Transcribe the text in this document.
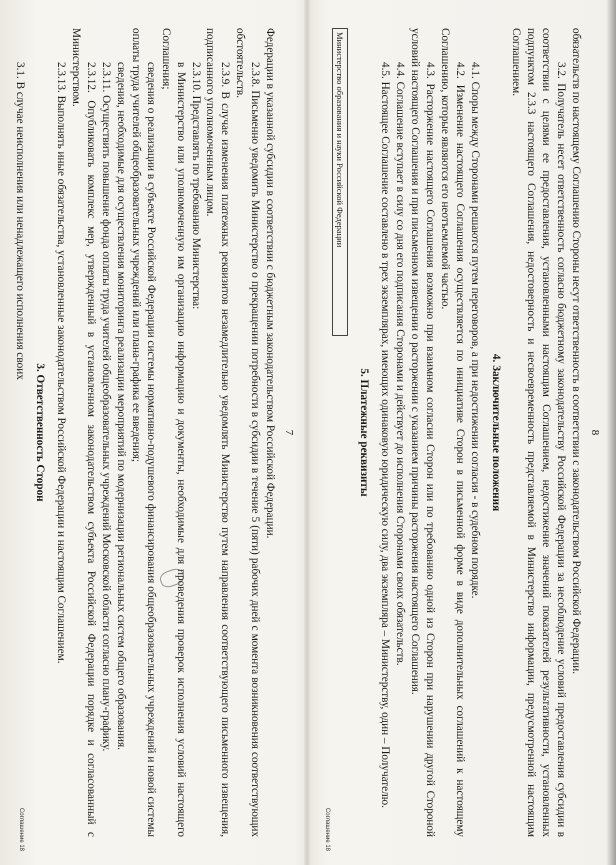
7

Федерации в указанной субсидии в соответствии с бюджетным законодательством Российской Федерации.

2.3.8. Письменно уведомить Министерство о прекращении потребности в субсидии в течение 5 (пяти) рабочих дней с момента возникновения соответствующих обстоятельств.

2.3.9. В случае изменения платежных реквизитов незамедлительно уведомлять Министерство путем направления соответствующего письменного извещения, подписанного уполномоченным лицом.

2.3.10. Представлять по требованию Министерства:

в Министерство или уполномоченную им организацию информацию и документы, необходимые для проведения проверок исполнения условий настоящего Соглашения;

сведения о реализации в субъекте Российской Федерации системы нормативно-подушевого финансирования общеобразовательных учреждений и новой системы оплаты труда учителей общеобразовательных учреждений или плана-графика ее введения;

сведения, необходимые для осуществления мониторинга реализации мероприятий по модернизации региональных систем общего образования.

2.3.11. Осуществить повышение фонда оплаты труда учителей общеобразовательных учреждений Московской области согласно плану-графику.

2.3.12. Опубликовать комплекс мер, утвержденный в установленном законодательством субъекта Российской Федерации порядке и согласованный с Министерством.

2.3.13. Выполнять иные обязательства, установленные законодательством Российской Федерации и настоящим Соглашением.

3. Ответственность Сторон

3.1. В случае неисполнения или ненадлежащего исполнения своих

Соглашение 18
8

обязательств по настоящему Соглашению Стороны несут ответственность в соответствии с законодательством Российской Федерации.

3.2. Получатель несет ответственность согласно бюджетному законодательству Российской Федерации за несоблюдение условий предоставления субсидии в соответствии с целями ее предоставления, установленными настоящим Соглашением, недостижение значений показателей результативности, установленных подпунктом 2.3.3 настоящего Соглашения, недостоверность и несвоевременность представляемой в Министерство информации, предусмотренной настоящим Соглашением.

4. Заключительные положения

4.1. Споры между Сторонами решаются путем переговоров, а при недостижении согласия - в судебном порядке.

4.2. Изменение настоящего Соглашения осуществляется по инициативе Сторон в письменной форме в виде дополнительных соглашений к настоящему Соглашению, которые являются его неотъемлемой частью.

4.3. Расторжение настоящего Соглашения возможно при взаимном согласии Сторон или по требованию одной из Сторон при нарушении другой Стороной условий настоящего Соглашения и при письменном извещении о расторжении с указанием причины расторжения настоящего Соглашения.

4.4. Соглашение вступает в силу со дня его подписания Сторонами и действует до исполнения Сторонами своих обязательств.

4.5. Настоящее Соглашение составлено в трех экземплярах, имеющих одинаковую юридическую силу, два экземпляра – Министерству, один – Получателю.

5. Платежные реквизиты
Министерство образования и науки Российской Федерации
Соглашение 18
